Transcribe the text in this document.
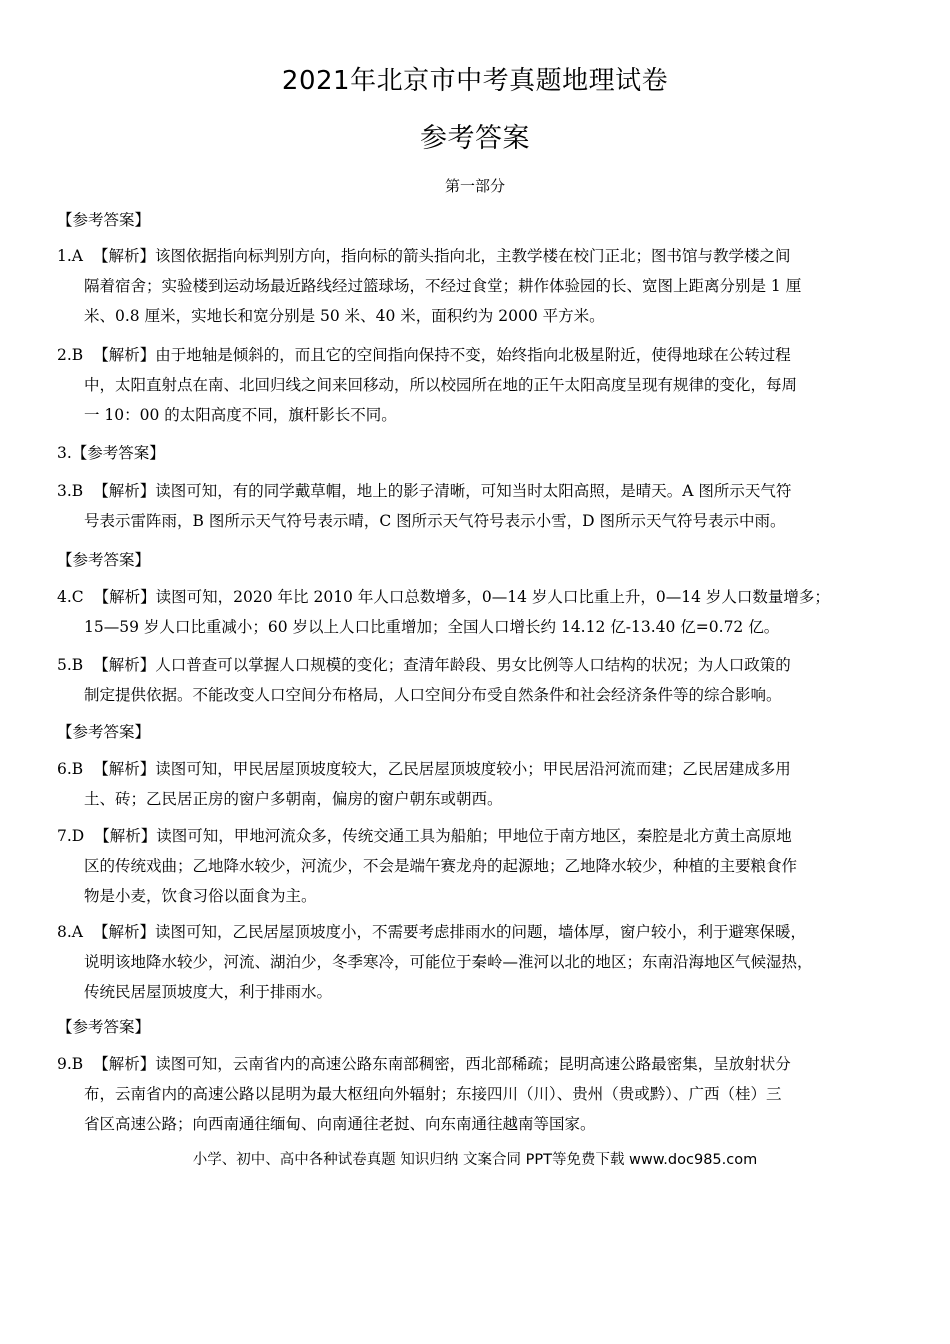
2021年北京市中考真题地理试卷
参考答案
第一部分
【参考答案】
1.A 【解析】该图依据指向标判别方向，指向标的箭头指向北，主教学楼在校门正北；图书馆与教学楼之间
隔着宿舍；实验楼到运动场最近路线经过篮球场，不经过食堂；耕作体验园的长、宽图上距离分别是 1 厘
米、0.8 厘米，实地长和宽分别是 50 米、40 米，面积约为 2000 平方米。
2.B 【解析】由于地轴是倾斜的，而且它的空间指向保持不变，始终指向北极星附近，使得地球在公转过程
中，太阳直射点在南、北回归线之间来回移动，所以校园所在地的正午太阳高度呈现有规律的变化，每周
一 10：00 的太阳高度不同，旗杆影长不同。
3.【参考答案】
3.B 【解析】读图可知，有的同学戴草帽，地上的影子清晰，可知当时太阳高照，是晴天。A 图所示天气符
号表示雷阵雨，B 图所示天气符号表示晴，C 图所示天气符号表示小雪，D 图所示天气符号表示中雨。
【参考答案】
4.C 【解析】读图可知，2020 年比 2010 年人口总数增多，0—14 岁人口比重上升，0—14 岁人口数量增多；
15—59 岁人口比重减小；60 岁以上人口比重增加；全国人口增长约 14.12 亿-13.40 亿=0.72 亿。
5.B 【解析】人口普查可以掌握人口规模的变化；查清年龄段、男女比例等人口结构的状况；为人口政策的
制定提供依据。不能改变人口空间分布格局，人口空间分布受自然条件和社会经济条件等的综合影响。
【参考答案】
6.B 【解析】读图可知，甲民居屋顶坡度较大，乙民居屋顶坡度较小；甲民居沿河流而建；乙民居建成多用
土、砖；乙民居正房的窗户多朝南，偏房的窗户朝东或朝西。
7.D 【解析】读图可知，甲地河流众多，传统交通工具为船舶；甲地位于南方地区，秦腔是北方黄土高原地
区的传统戏曲；乙地降水较少，河流少，不会是端午赛龙舟的起源地；乙地降水较少，种植的主要粮食作
物是小麦，饮食习俗以面食为主。
8.A 【解析】读图可知，乙民居屋顶坡度小，不需要考虑排雨水的问题，墙体厚，窗户较小，利于避寒保暖，
说明该地降水较少，河流、湖泊少，冬季寒冷，可能位于秦岭—淮河以北的地区；东南沿海地区气候湿热，
传统民居屋顶坡度大，利于排雨水。
【参考答案】
9.B 【解析】读图可知，云南省内的高速公路东南部稠密，西北部稀疏；昆明高速公路最密集，呈放射状分
布，云南省内的高速公路以昆明为最大枢纽向外辐射；东接四川（川）、贵州（贵或黔）、广西（桂）三
省区高速公路；向西南通往缅甸、向南通往老挝、向东南通往越南等国家。
小学、初中、高中各种试卷真题 知识归纳 文案合同 PPT等免费下载 www.doc985.com
